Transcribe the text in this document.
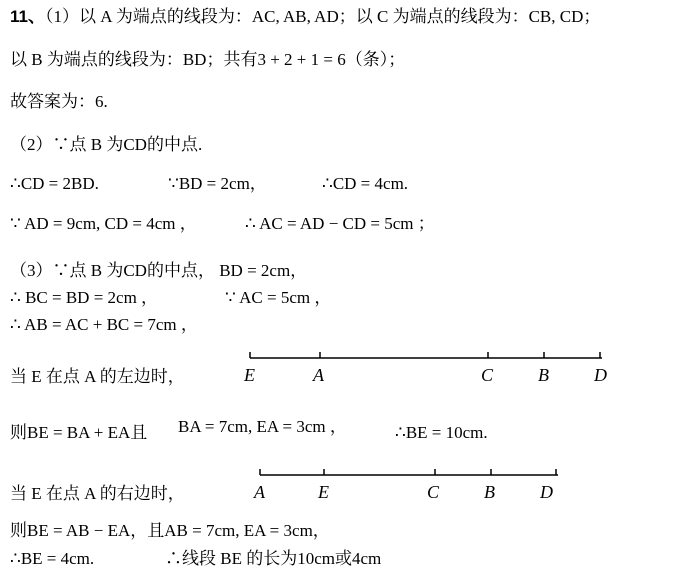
11、（1）以 A 为端点的线段为：AC, AB, AD；以 C 为端点的线段为：CB, CD；
以 B 为端点的线段为：BD；共有3 + 2 + 1 = 6（条）；
故答案为：6.
（2）∵点 B 为CD的中点.
∴CD = 2BD.	∵BD = 2cm，	∴CD = 4cm.
∵ AD = 9cm, CD = 4cm ，	∴ AC = AD − CD = 5cm ；
（3）∵点 B 为CD的中点， BD = 2cm，
∴ BC = BD = 2cm ，	∵ AC = 5cm ，
∴ AB = AC + BC = 7cm ，
当 E 在点 A 的左边时，	E	A	C B	D
则BE = BA + EA且 BA = 7cm, EA = 3cm ，	∴BE = 10cm.
当 E 在点 A 的右边时，	A	E	C B	D
则BE = AB − EA，且AB = 7cm, EA = 3cm，
∴BE = 4cm.	∴线段 BE 的长为10cm或4cm
